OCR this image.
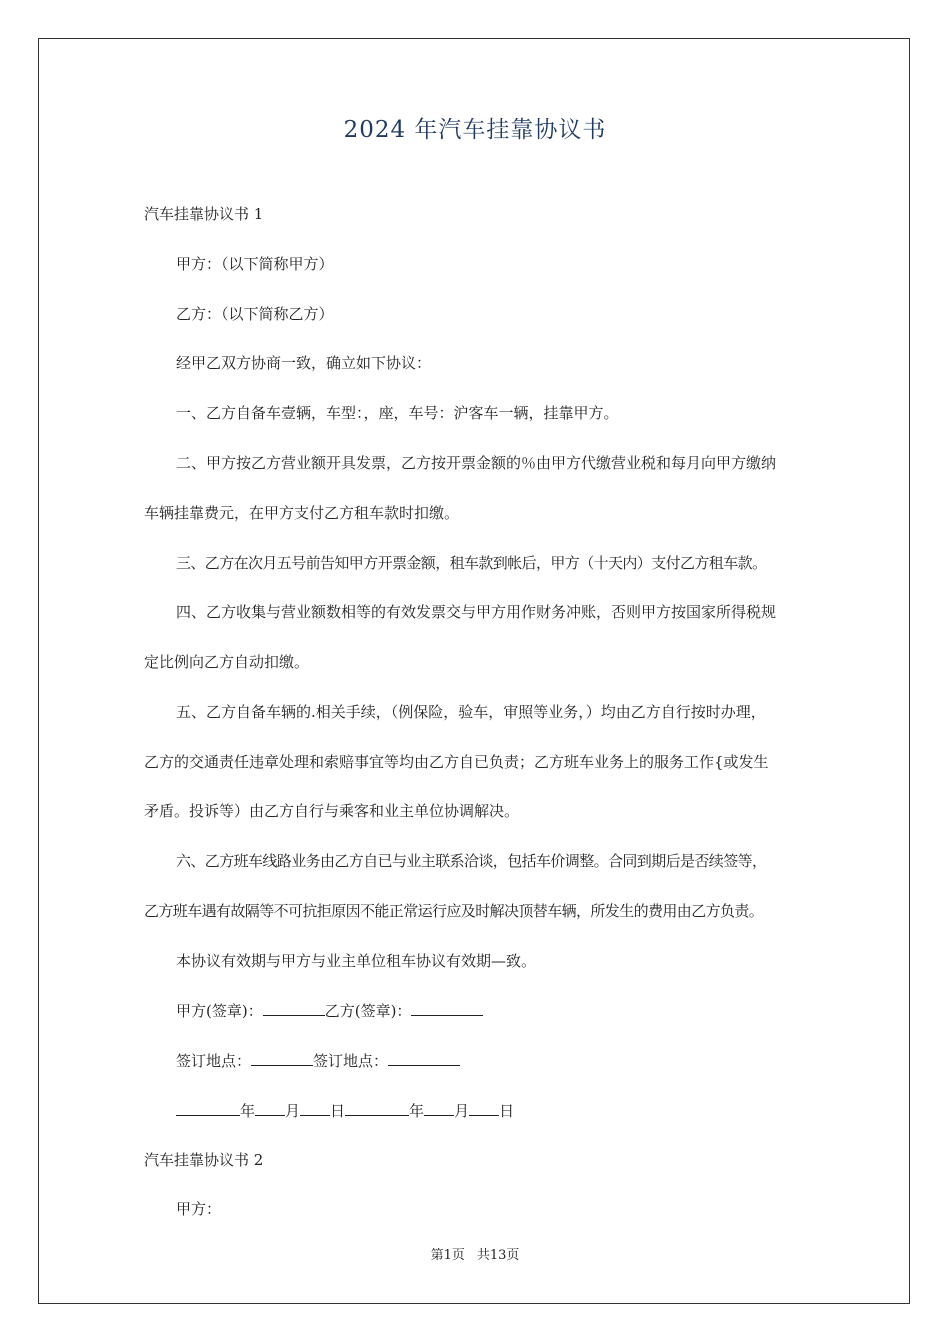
2024 年汽车挂靠协议书
汽车挂靠协议书 1
甲方：（以下简称甲方）
乙方：（以下简称乙方）
经甲乙双方协商一致，确立如下协议：
一、乙方自备车壹辆，车型：，座，车号：沪客车一辆，挂靠甲方。
二、甲方按乙方营业额开具发票，乙方按开票金额的％由甲方代缴营业税和每月向甲方缴纳
车辆挂靠费元，在甲方支付乙方租车款时扣缴。
三、乙方在次月五号前告知甲方开票金额，租车款到帐后，甲方（十天内）支付乙方租车款。
四、乙方收集与营业额数相等的有效发票交与甲方用作财务冲账，否则甲方按国家所得税规
定比例向乙方自动扣缴。
五、乙方自备车辆的.相关手续，（例保险，验车，审照等业务，）均由乙方自行按时办理，
乙方的交通责任违章处理和索赔事宜等均由乙方自已负责；乙方班车业务上的服务工作{或发生
矛盾。投诉等）由乙方自行与乘客和业主单位协调解决。
六、乙方班车线路业务由乙方自已与业主联系洽谈，包括车价调整。合同到期后是否续签等，
乙方班车遇有故隔等不可抗拒原因不能正常运行应及时解决顶替车辆，所发生的费用由乙方负责。
本协议有效期与甲方与业主单位租车协议有效期—致。
甲方(签章)：	乙方(签章)：
签订地点：	签订地点：
年 月 日	年 月 日
汽车挂靠协议书 2
甲方：
第1页 共13页
